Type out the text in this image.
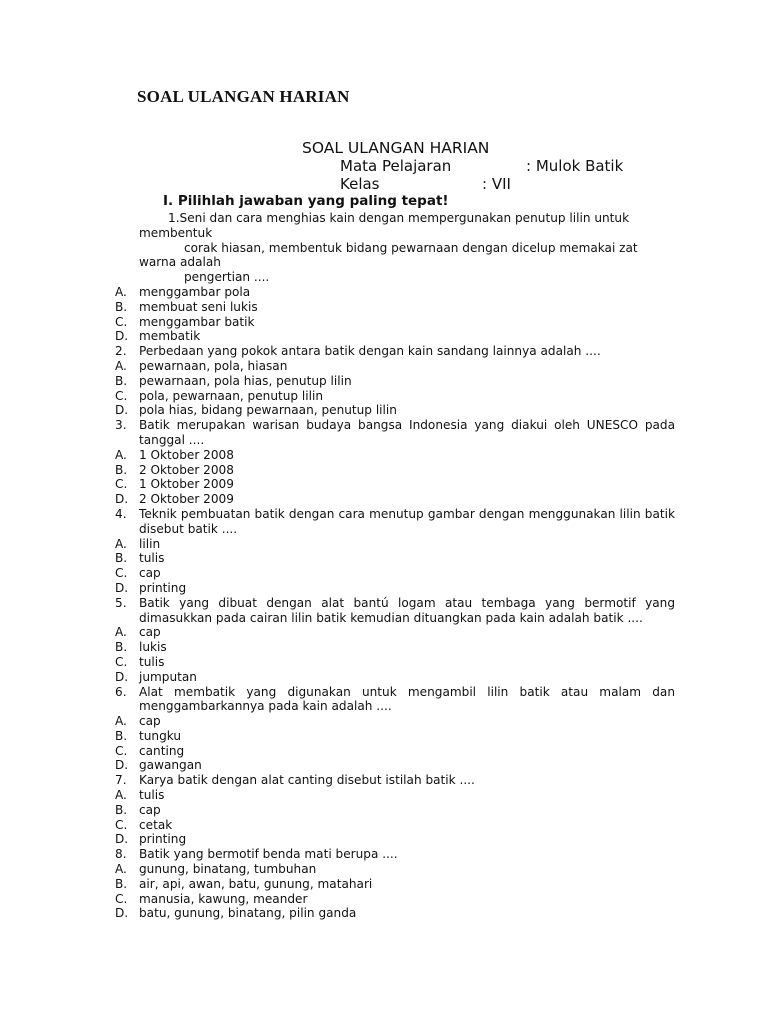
SOAL ULANGAN HARIAN
SOAL ULANGAN HARIAN
Mata Pelajaran	: Mulok Batik
Kelas	: VII
I. Pilihlah jawaban yang paling tepat!
1.Seni dan cara menghias kain dengan mempergunakan penutup lilin untuk
membentuk
corak hiasan, membentuk bidang pewarnaan dengan dicelup memakai zat
warna adalah
pengertian ....
A. menggambar pola
B. membuat seni lukis
C. menggambar batik
D. membatik
2.	Perbedaan yang pokok antara batik dengan kain sandang lainnya adalah ....
A. pewarnaan, pola, hiasan
B. pewarnaan, pola hias, penutup lilin
C. pola, pewarnaan, penutup lilin
D. pola hias, bidang pewarnaan, penutup lilin
3.	Batik merupakan warisan budaya bangsa Indonesia yang diakui oleh UNESCO pada tanggal ....
A. 1 Oktober 2008
B. 2 Oktober 2008
C. 1 Oktober 2009
D. 2 Oktober 2009
4.	Teknik pembuatan batik dengan cara menutup gambar dengan menggunakan lilin batik disebut batik ....
A. lilin
B. tulis
C. cap
D. printing
5.	Batik yang dibuat dengan alat bantú logam atau tembaga yang bermotif yang dimasukkan pada cairan lilin batik kemudian dituangkan pada kain adalah batik ....
A. cap
B. lukis
C. tulis
D. jumputan
6.	Alat membatik yang digunakan untuk mengambil lilin batik atau malam dan menggambarkannya pada kain adalah ....
A. cap
B. tungku
C. canting
D. gawangan
7.	Karya batik dengan alat canting disebut istilah batik ....
A. tulis
B. cap
C. cetak
D. printing
8.	Batik yang bermotif benda mati berupa ....
A. gunung, binatang, tumbuhan
B. air, api, awan, batu, gunung, matahari
C. manusia, kawung, meander
D. batu, gunung, binatang, pilin ganda
